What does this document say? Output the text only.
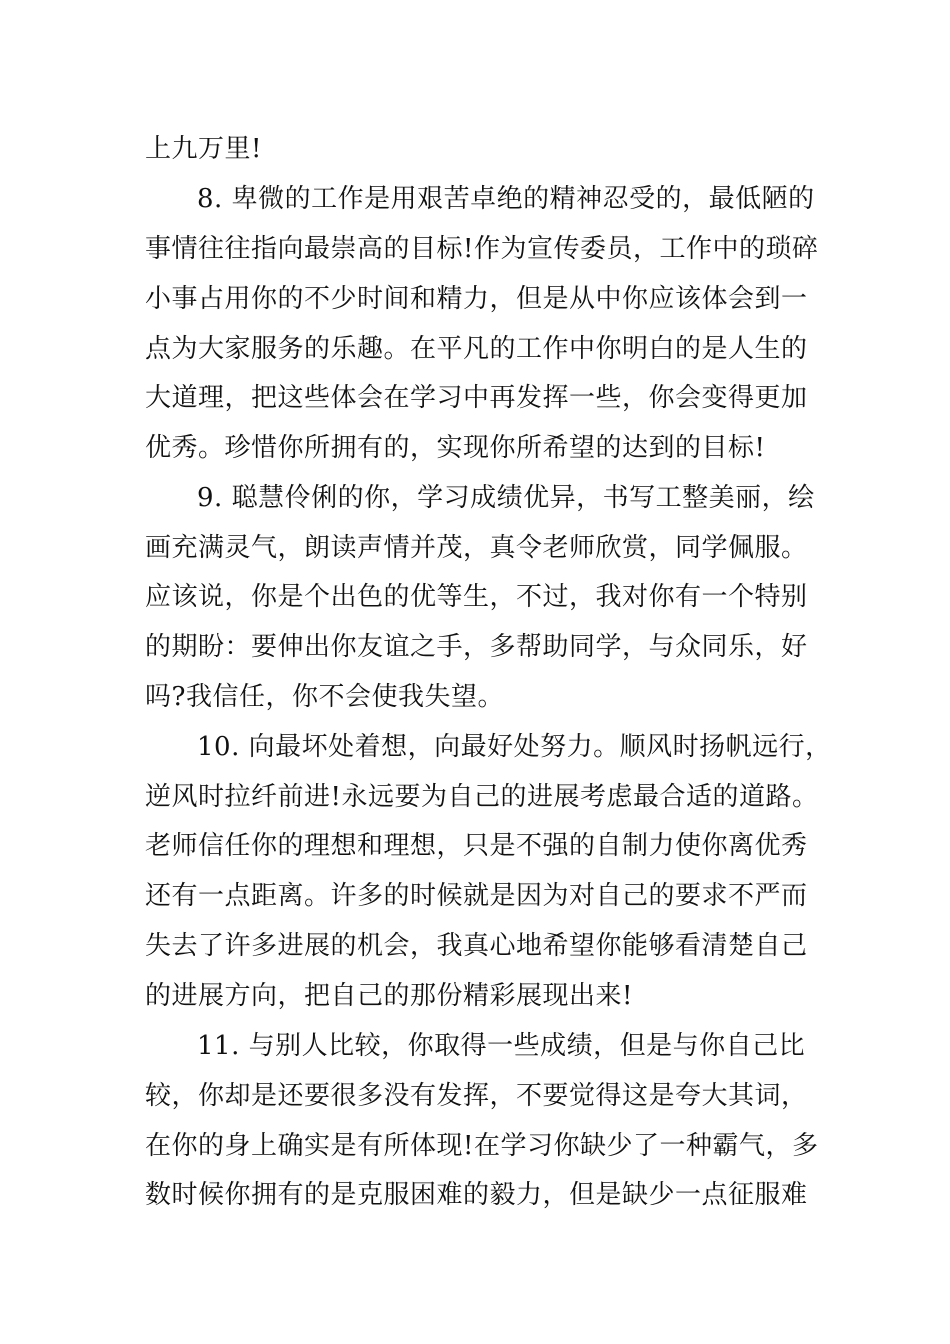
上九万里!
8. 卑微的工作是用艰苦卓绝的精神忍受的，最低陋的
事情往往指向最崇高的目标!作为宣传委员，工作中的琐碎
小事占用你的不少时间和精力，但是从中你应该体会到一
点为大家服务的乐趣。在平凡的工作中你明白的是人生的
大道理，把这些体会在学习中再发挥一些，你会变得更加
优秀。珍惜你所拥有的，实现你所希望的达到的目标!
9. 聪慧伶俐的你，学习成绩优异，书写工整美丽，绘
画充满灵气，朗读声情并茂，真令老师欣赏，同学佩服。
应该说，你是个出色的优等生，不过，我对你有一个特别
的期盼：要伸出你友谊之手，多帮助同学，与众同乐，好
吗?我信任，你不会使我失望。
10. 向最坏处着想，向最好处努力。顺风时扬帆远行，
逆风时拉纤前进!永远要为自己的进展考虑最合适的道路。
老师信任你的理想和理想，只是不强的自制力使你离优秀
还有一点距离。许多的时候就是因为对自己的要求不严而
失去了许多进展的机会，我真心地希望你能够看清楚自己
的进展方向，把自己的那份精彩展现出来!
11. 与别人比较，你取得一些成绩，但是与你自己比
较，你却是还要很多没有发挥，不要觉得这是夸大其词，
在你的身上确实是有所体现!在学习你缺少了一种霸气，多
数时候你拥有的是克服困难的毅力，但是缺少一点征服难
